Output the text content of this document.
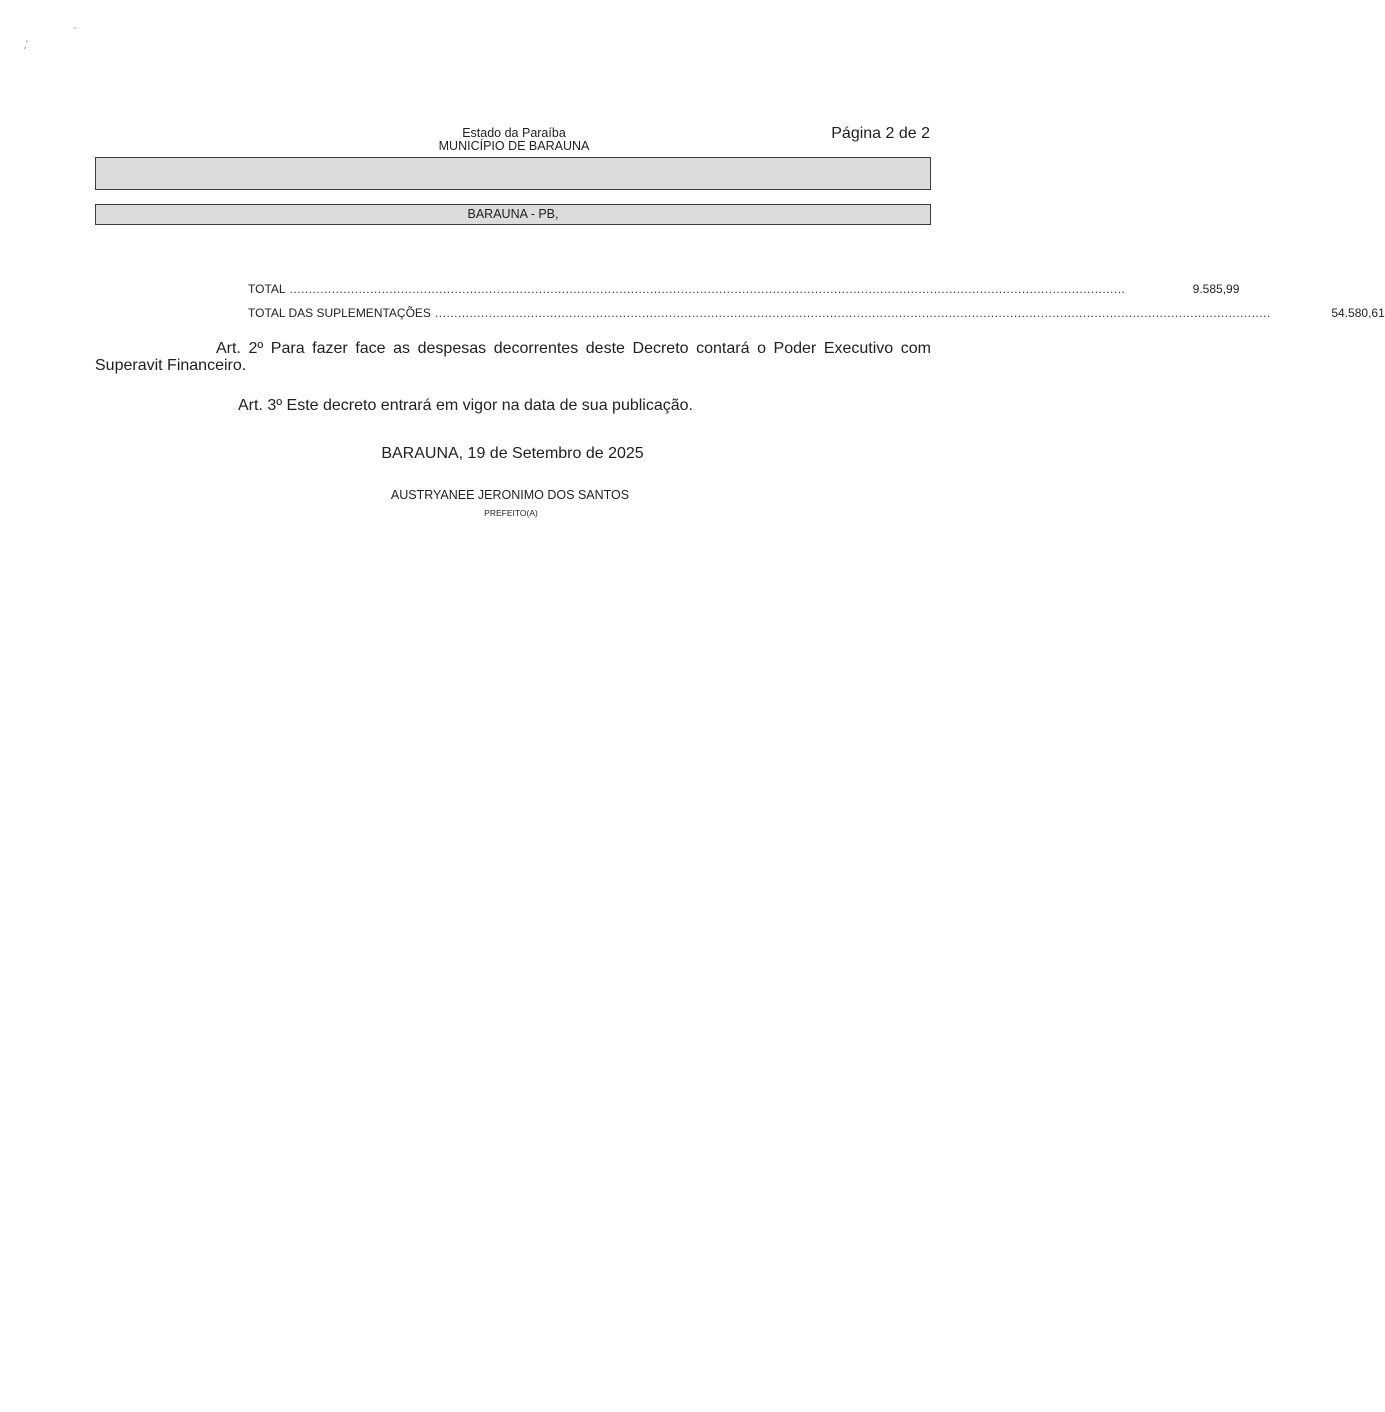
ˏ·
ˎ
Estado da Paraíba
MUNICÍPIO DE BARAUNA
Página 2 de 2
BARAUNA - PB,
TOTAL ..........................................................................................................................................................................................................................	9.585,99
TOTAL DAS SUPLEMENTAÇÕES ..........................................................................................................................................................................................................................	54.580,61
Art. 2º Para fazer face as despesas decorrentes deste Decreto contará o Poder Executivo com Superavit Financeiro.
Art. 3º Este decreto entrará em vigor na data de sua publicação.
BARAUNA, 19 de Setembro de 2025
AUSTRYANEE JERONIMO DOS SANTOS
PREFEITO(A)
